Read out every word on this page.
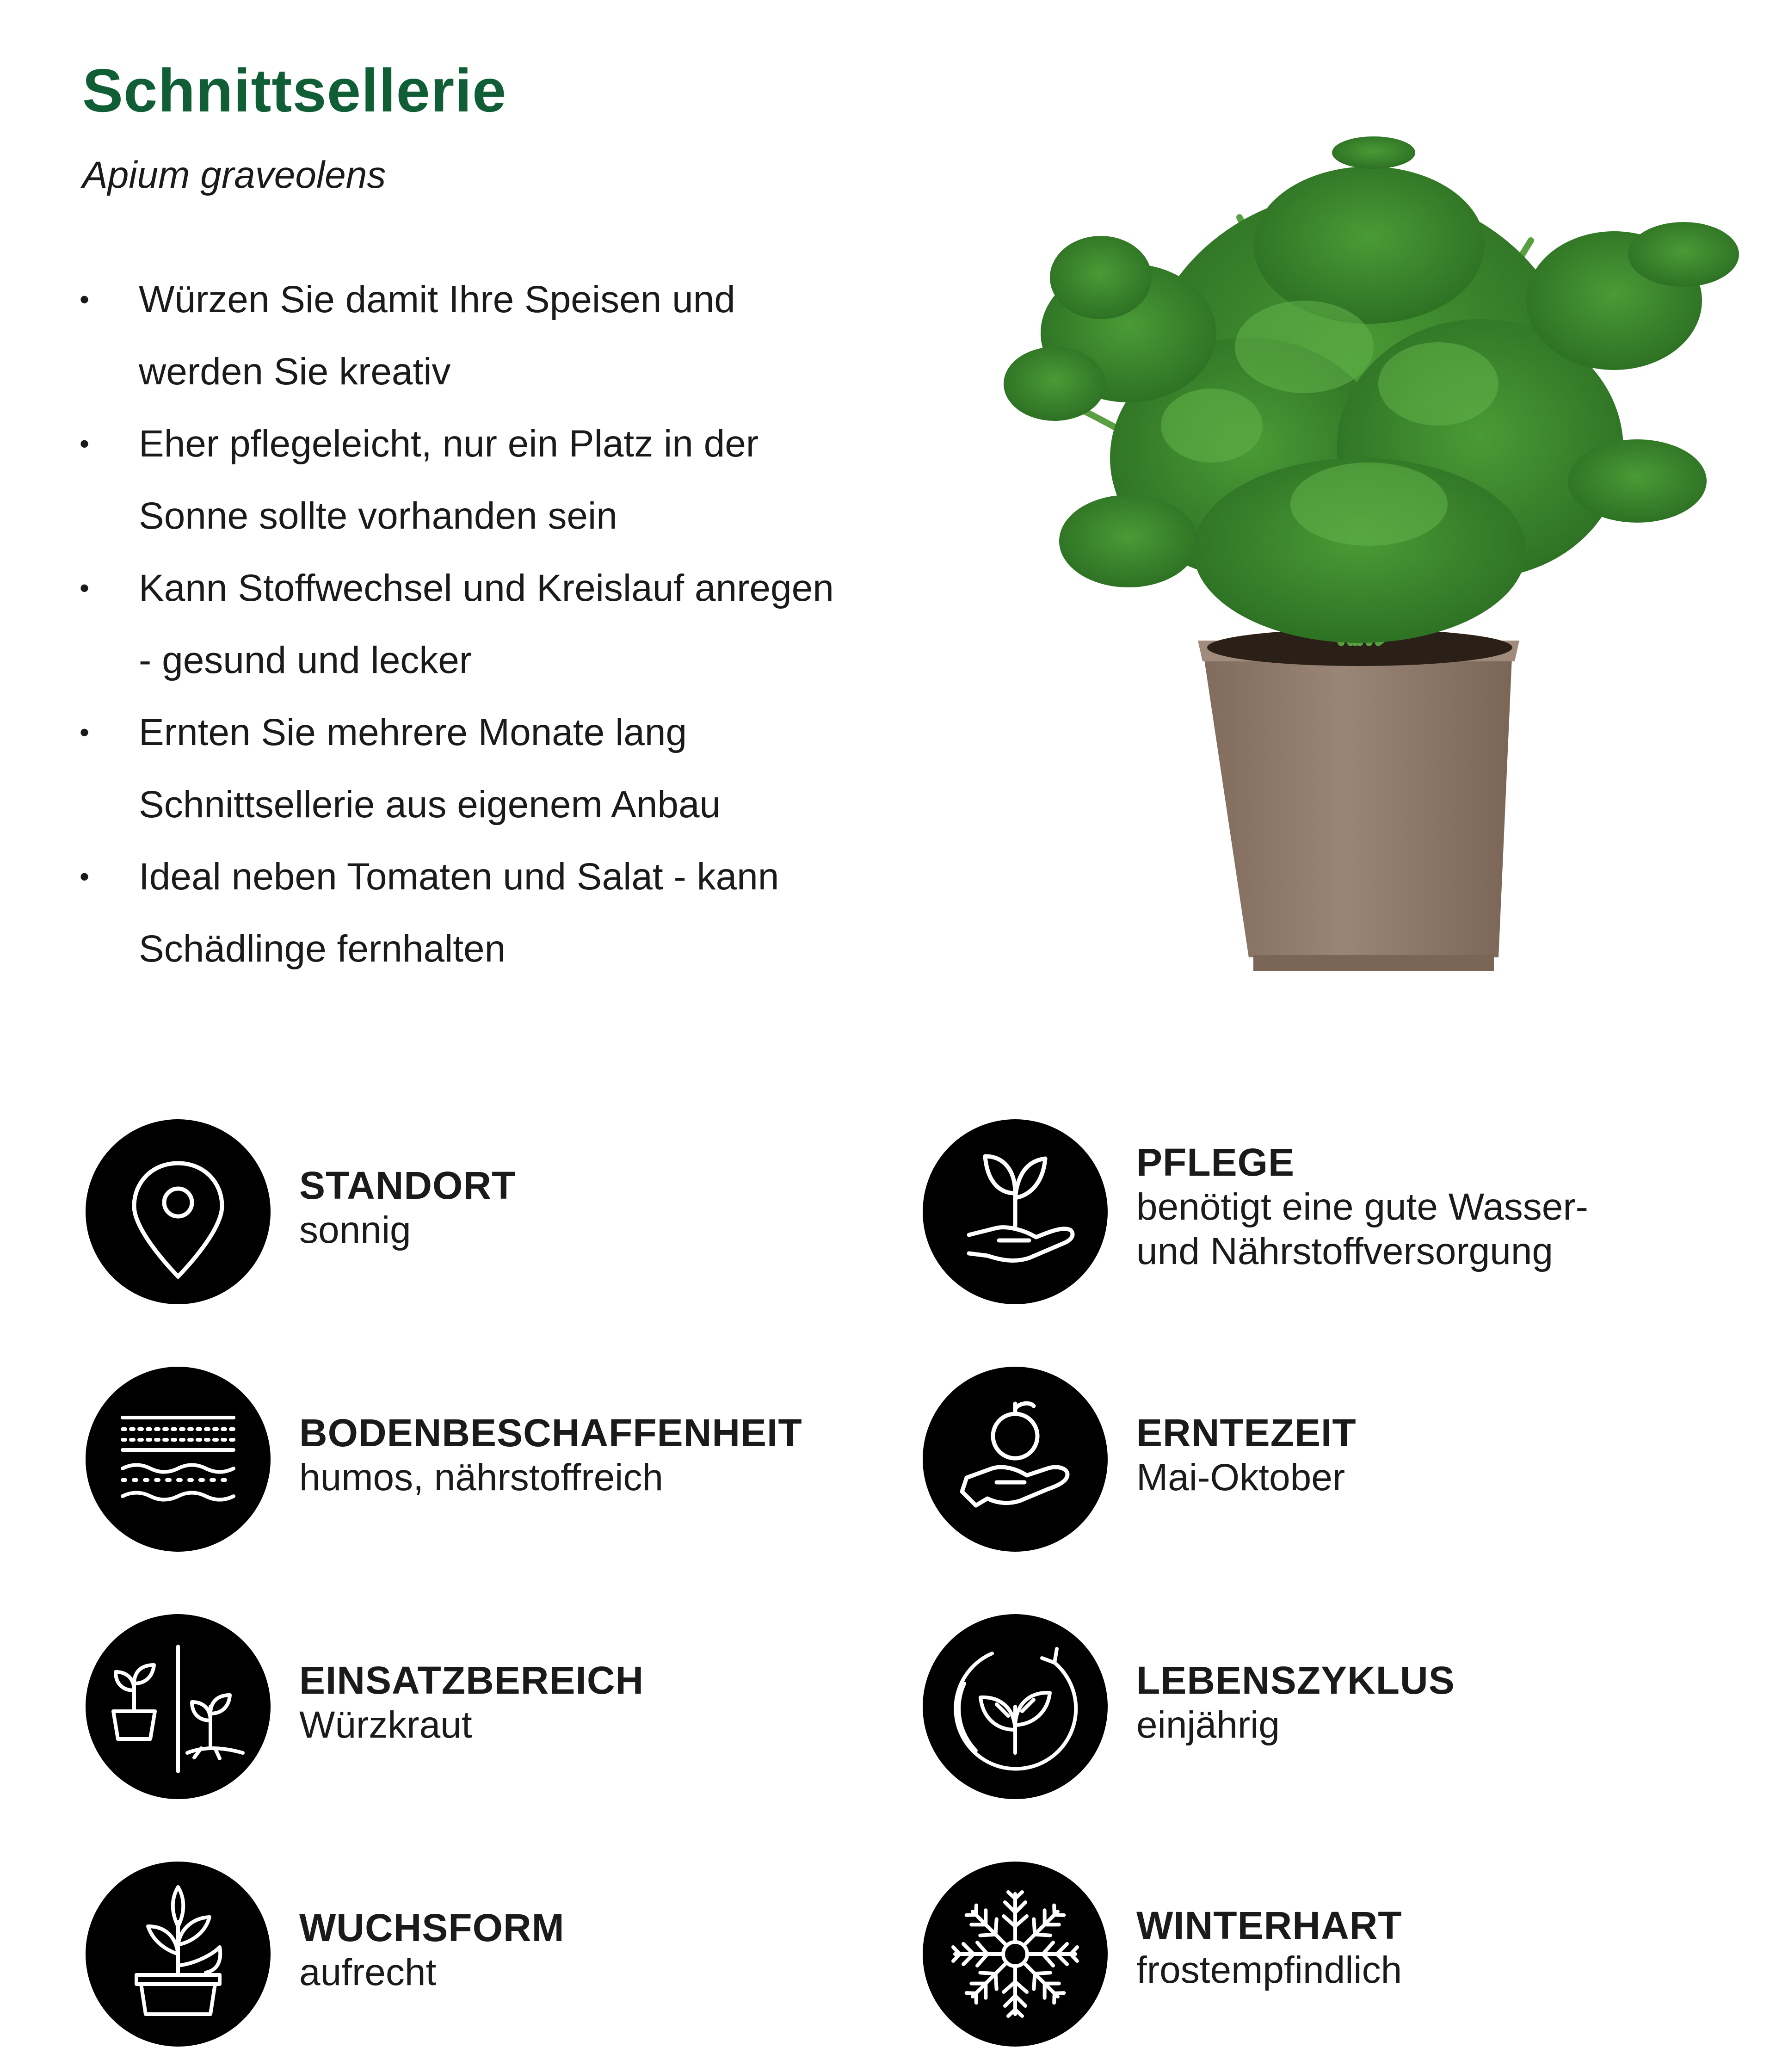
Schnittsellerie
Apium graveolens
• Würzen Sie damit Ihre Speisen und
werden Sie kreativ
• Eher pflegeleicht, nur ein Platz in der
Sonne sollte vorhanden sein
• Kann Stoffwechsel und Kreislauf anregen
- gesund und lecker
• Ernten Sie mehrere Monate lang
Schnittsellerie aus eigenem Anbau
• Ideal neben Tomaten und Salat - kann
Schädlinge fernhalten
STANDORT
sonnig
PFLEGE
benötigt eine gute Wasser-
und Nährstoffversorgung
BODENBESCHAFFENHEIT
humos, nährstoffreich
ERNTEZEIT
Mai-Oktober
EINSATZBEREICH
Würzkraut
LEBENSZYKLUS
einjährig
WUCHSFORM
aufrecht
WINTERHART
frostempfindlich
